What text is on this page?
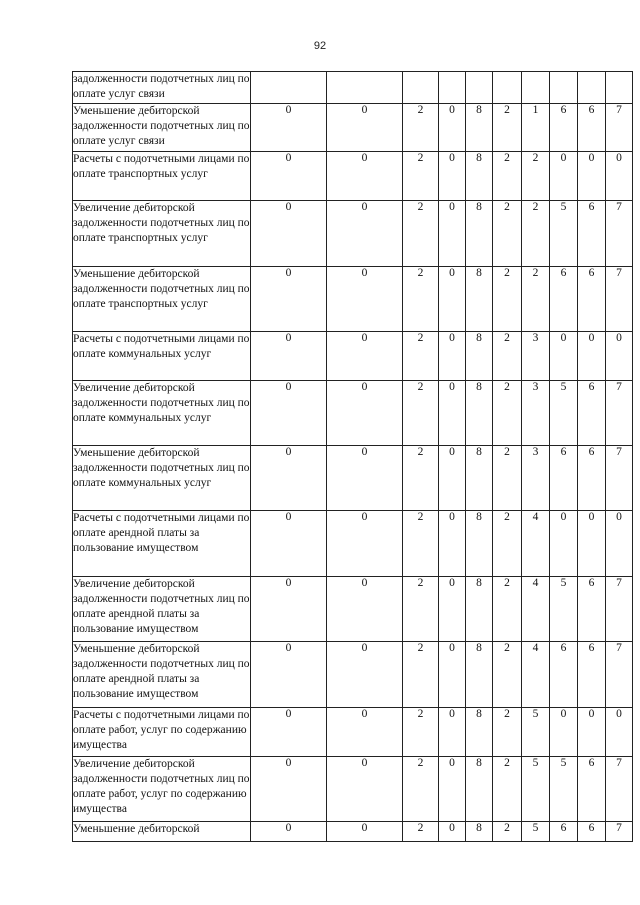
92
задолженности подотчетных лиц по оплате услуг связи										
Уменьшение дебиторской задолженности подотчетных лиц по оплате услуг связи	0	0	2	0	8	2	1	6	6	7
Расчеты с подотчетными лицами по оплате транспортных услуг	0	0	2	0	8	2	2	0	0	0
Увеличение дебиторской задолженности подотчетных лиц по оплате транспортных услуг	0	0	2	0	8	2	2	5	6	7
Уменьшение дебиторской задолженности подотчетных лиц по оплате транспортных услуг	0	0	2	0	8	2	2	6	6	7
Расчеты с подотчетными лицами по оплате коммунальных услуг	0	0	2	0	8	2	3	0	0	0
Увеличение дебиторской задолженности подотчетных лиц по оплате коммунальных услуг	0	0	2	0	8	2	3	5	6	7
Уменьшение дебиторской задолженности подотчетных лиц по оплате коммунальных услуг	0	0	2	0	8	2	3	6	6	7
Расчеты с подотчетными лицами по оплате арендной платы за пользование имуществом	0	0	2	0	8	2	4	0	0	0
Увеличение дебиторской задолженности подотчетных лиц по оплате арендной платы за пользование имуществом	0	0	2	0	8	2	4	5	6	7
Уменьшение дебиторской задолженности подотчетных лиц по оплате арендной платы за пользование имуществом	0	0	2	0	8	2	4	6	6	7
Расчеты с подотчетными лицами по оплате работ, услуг по содержанию имущества	0	0	2	0	8	2	5	0	0	0
Увеличение дебиторской задолженности подотчетных лиц по оплате работ, услуг по содержанию имущества	0	0	2	0	8	2	5	5	6	7
Уменьшение дебиторской	0	0	2	0	8	2	5	6	6	7
